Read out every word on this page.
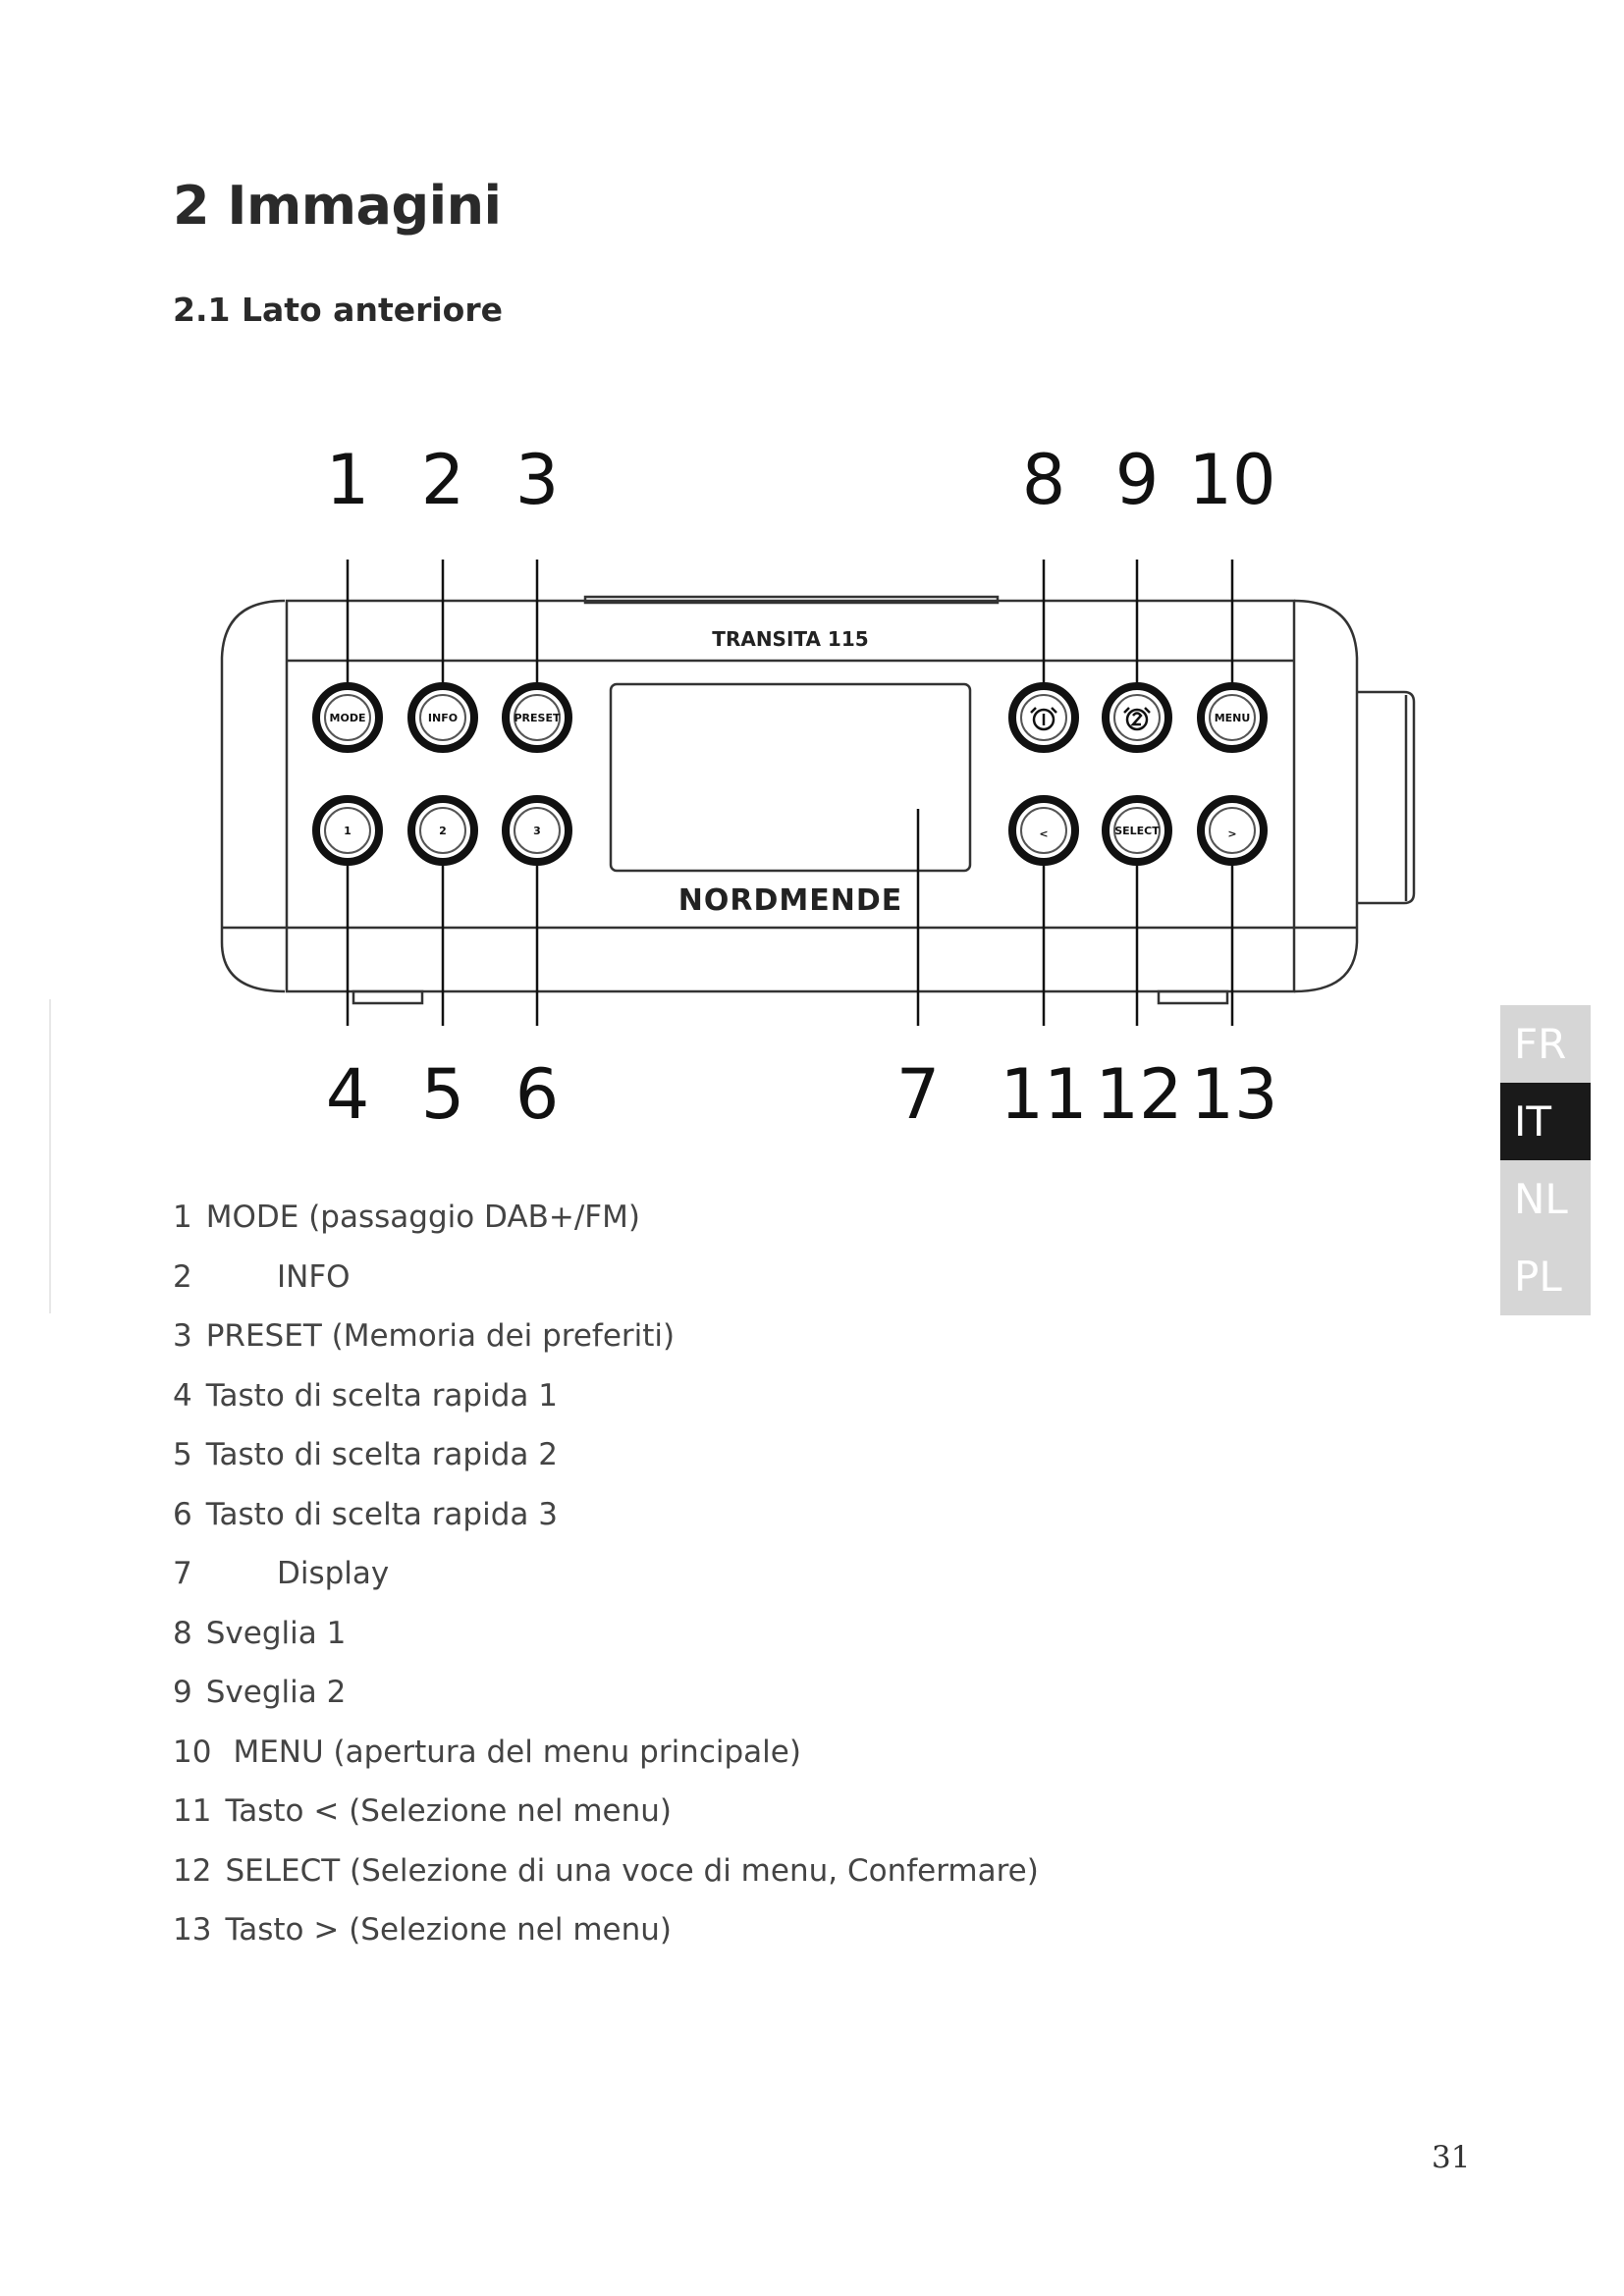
2 Immagini
2.1 Lato anteriore
1 2 3	8 9 10
TRANSITA 115
NORDMENDE
MODE	INFO	PRESET	MENU
1	2	3	<	SELECT	>
4 5 6	7 11 12 13
1 MODE (passaggio DAB+/FM)
2	INFO
3 PRESET (Memoria dei preferiti)
4 Tasto di scelta rapida 1
5 Tasto di scelta rapida 2
6 Tasto di scelta rapida 3
7	Display
8 Sveglia 1
9 Sveglia 2
10 MENU (apertura del menu principale)
11 Tasto < (Selezione nel menu)
12 SELECT (Selezione di una voce di menu, Confermare)
13 Tasto > (Selezione nel menu)
FR
IT
NL
PL
31
